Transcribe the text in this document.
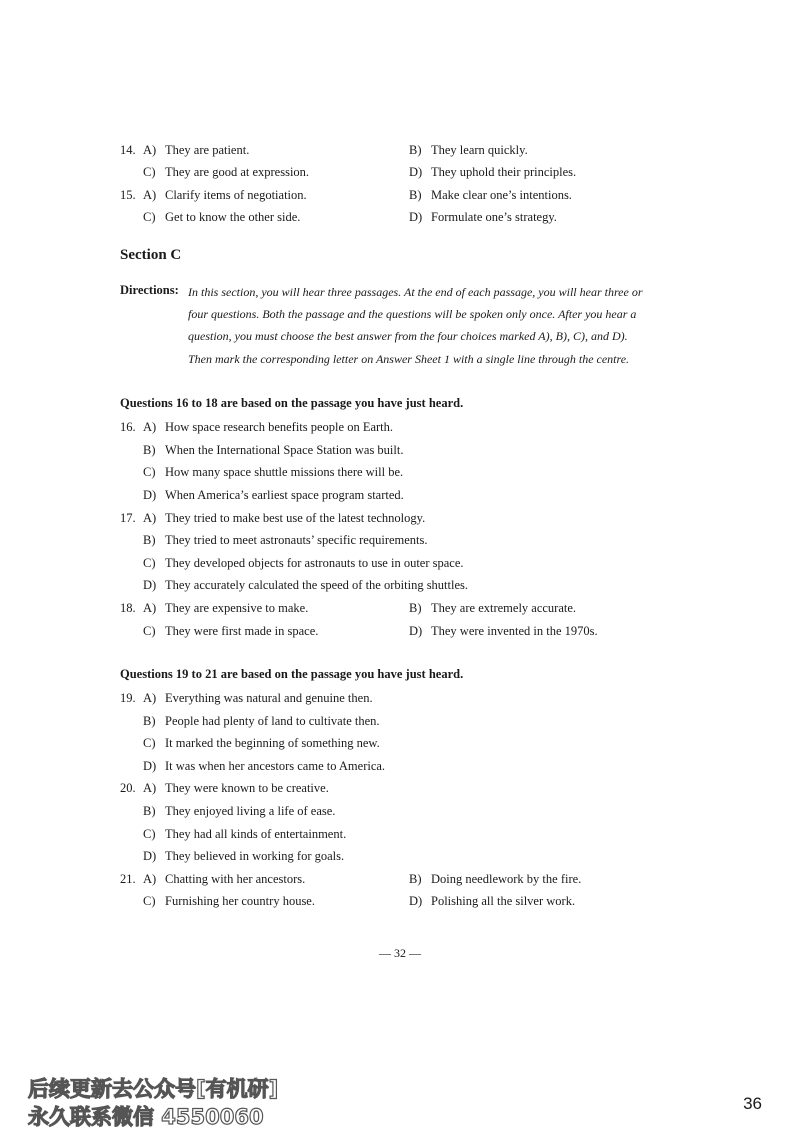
14. A) They are patient.	B) They learn quickly.
C) They are good at expression.	D) They uphold their principles.
15. A) Clarify items of negotiation.	B) Make clear one’s intentions.
C) Get to know the other side.	D) Formulate one’s strategy.
Section C
Directions: In this section, you will hear three passages. At the end of each passage, you will hear three or
four questions. Both the passage and the questions will be spoken only once. After you hear a
question, you must choose the best answer from the four choices marked A), B), C), and D).
Then mark the corresponding letter on Answer Sheet 1 with a single line through the centre.
Questions 16 to 18 are based on the passage you have just heard.
16. A) How space research benefits people on Earth.
B) When the International Space Station was built.
C) How many space shuttle missions there will be.
D) When America’s earliest space program started.
17. A) They tried to make best use of the latest technology.
B) They tried to meet astronauts’ specific requirements.
C) They developed objects for astronauts to use in outer space.
D) They accurately calculated the speed of the orbiting shuttles.
18. A) They are expensive to make.	B) They are extremely accurate.
C) They were first made in space.	D) They were invented in the 1970s.
Questions 19 to 21 are based on the passage you have just heard.
19. A) Everything was natural and genuine then.
B) People had plenty of land to cultivate then.
C) It marked the beginning of something new.
D) It was when her ancestors came to America.
20. A) They were known to be creative.
B) They enjoyed living a life of ease.
C) They had all kinds of entertainment.
D) They believed in working for goals.
21. A) Chatting with her ancestors.	B) Doing needlework by the fire.
C) Furnishing her country house.	D) Polishing all the silver work.
— 32 —
36
后续更新去公众号[有机研]
永久联系微信 4550060
